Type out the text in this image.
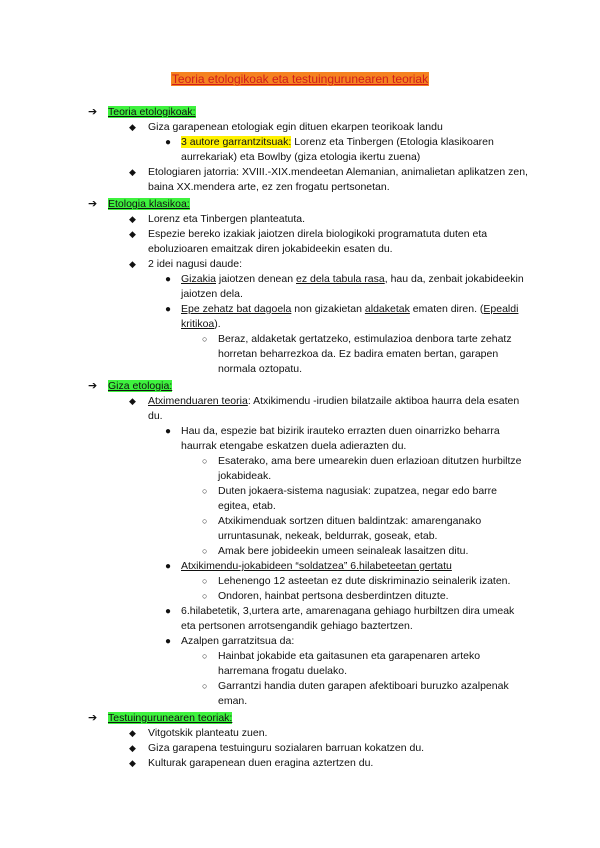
Teoria etologikoak eta testuingurunearen teoriak
➔ Teoria etologikoak:
◆ Giza garapenean etologiak egin dituen ekarpen teorikoak landu
● 3 autore garrantzitsuak: Lorenz eta Tinbergen (Etologia klasikoaren aurrekariak) eta Bowlby (giza etologia ikertu zuena)
◆ Etologiaren jatorria: XVIII.-XIX.mendeetan Alemanian, animalietan aplikatzen zen, baina XX.mendera arte, ez zen frogatu pertsonetan.
➔ Etologia klasikoa:
◆ Lorenz eta Tinbergen planteatuta.
◆ Espezie bereko izakiak jaiotzen direla biologikoki programatuta duten eta eboluzioaren emaitzak diren jokabideekin esaten du.
◆ 2 idei nagusi daude:
● Gizakia jaiotzen denean ez dela tabula rasa, hau da, zenbait jokabideekin jaiotzen dela.
● Epe zehatz bat dagoela non gizakietan aldaketak ematen diren. (Epealdi kritikoa).
○ Beraz, aldaketak gertatzeko, estimulazioa denbora tarte zehatz horretan beharrezkoa da. Ez badira ematen bertan, garapen normala oztopatu.
➔ Giza etologia:
◆ Atximenduaren teoria: Atxikimendu -irudien bilatzaile aktiboa haurra dela esaten du.
● Hau da, espezie bat bizirik irauteko errazten duen oinarrizko beharra haurrak etengabe eskatzen duela adierazten du.
○ Esaterako, ama bere umearekin duen erlazioan ditutzen hurbiltze jokabideak.
○ Duten jokaera-sistema nagusiak: zupatzea, negar edo barre egitea, etab.
○ Atxikimenduak sortzen dituen baldintzak: amarenganako urruntasunak, nekeak, beldurrak, goseak, etab.
○ Amak bere jobideekin umeen seinaleak lasaitzen ditu.
● Atxikimendu-jokabideen “soldatzea” 6.hilabeteetan gertatu
○ Lehenengo 12 asteetan ez dute diskriminazio seinalerik izaten.
○ Ondoren, hainbat pertsona desberdintzen dituzte.
● 6.hilabetetik, 3,urtera arte, amarenagana gehiago hurbiltzen dira umeak eta pertsonen arrotsengandik gehiago baztertzen.
● Azalpen garratzitsua da:
○ Hainbat jokabide eta gaitasunen eta garapenaren arteko harremana frogatu duelako.
○ Garrantzi handia duten garapen afektiboari buruzko azalpenak eman.
➔ Testuingurunearen teoriak:
◆ Vitgotskik planteatu zuen.
◆ Giza garapena testuinguru sozialaren barruan kokatzen du.
◆ Kulturak garapenean duen eragina aztertzen du.
